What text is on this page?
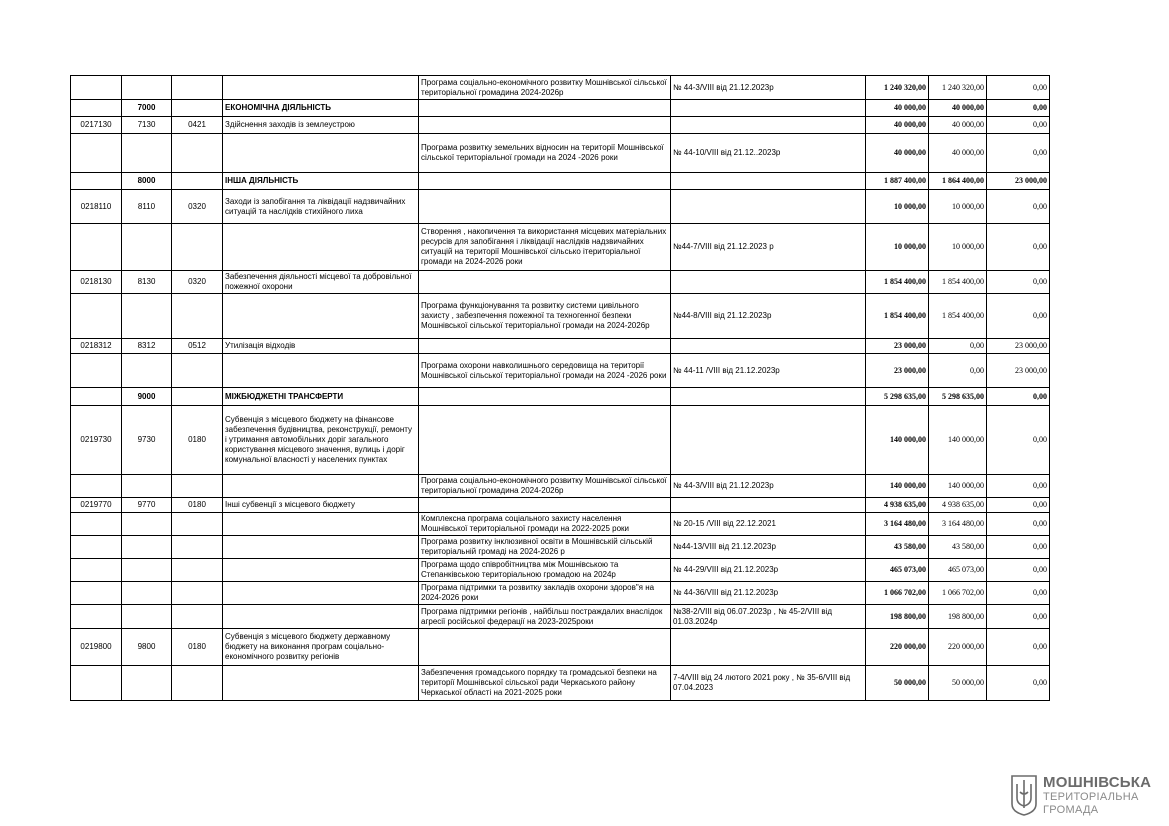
				Програма соціально-економічного розвитку Мошнівської сільської територіальної громадина 2024-2026р	№ 44-3/VIII від 21.12.2023р	1 240 320,00	1 240 320,00	0,00
	7000		ЕКОНОМІЧНА ДІЯЛЬНІСТЬ			40 000,00	40 000,00	0,00
0217130	7130	0421	Здійснення заходів із землеустрою			40 000,00	40 000,00	0,00
				Програма розвитку земельних відносин на території Мошнівської сільської територіальної громади на 2024 -2026 роки	№ 44-10/VIII від 21.12..2023р	40 000,00	40 000,00	0,00
	8000		ІНША ДІЯЛЬНІСТЬ			1 887 400,00	1 864 400,00	23 000,00
0218110	8110	0320	Заходи із запобігання та ліквідації надзвичайних ситуацій та наслідків стихійного лиха			10 000,00	10 000,00	0,00
				Створення , накопичення та використання місцевих матеріальних ресурсів для запобігання і ліквідації наслідків надзвичайних ситуацій на території Мошнівської сільсько ітериторіальної громади на 2024-2026 роки	№44-7/VIII від 21.12.2023 р	10 000,00	10 000,00	0,00
0218130	8130	0320	Забезпечення діяльності місцевої та добровільної пожежної охорони			1 854 400,00	1 854 400,00	0,00
				Програма функціонування та розвитку системи цивільного захисту , забезпечення пожежної та техногенної безпеки Мошнівської сільської територіальної громади на 2024-2026р	№44-8/VIII від 21.12.2023р	1 854 400,00	1 854 400,00	0,00
0218312	8312	0512	Утилізація відходів			23 000,00	0,00	23 000,00
				Програма охорони навколишнього середовища на території Мошнівської сільської територіальної громади на 2024 -2026 роки	№ 44-11 /VIII від 21.12.2023р	23 000,00	0,00	23 000,00
	9000		МІЖБЮДЖЕТНІ ТРАНСФЕРТИ			5 298 635,00	5 298 635,00	0,00
0219730	9730	0180	Субвенція з місцевого бюджету на фінансове забезпечення будівництва, реконструкції, ремонту і утримання автомобільних доріг загального користування місцевого значення, вулиць і доріг комунальної власності у населених пунктах			140 000,00	140 000,00	0,00
				Програма соціально-економічного розвитку Мошнівської сільської територіальної громадина 2024-2026р	№ 44-3/VIII від 21.12.2023р	140 000,00	140 000,00	0,00
0219770	9770	0180	Інші субвенції з місцевого бюджету			4 938 635,00	4 938 635,00	0,00
				Комплексна програма соціального захисту населення Мошнівської територіальної громади на 2022-2025 роки	№ 20-15 /VIII від 22.12.2021	3 164 480,00	3 164 480,00	0,00
				Програма розвитку інклюзивної освіти в Мошнівській сільській територіальній громаді на 2024-2026 р	№44-13/VIII від 21.12.2023р	43 580,00	43 580,00	0,00
				Програма щодо співробітництва між Мошнівською та Степанківською територіальною громадою на 2024р	№ 44-29/VIII від 21.12.2023р	465 073,00	465 073,00	0,00
				Програма підтримки та розвитку закладів охорони здоров"я на 2024-2026 роки	№ 44-36/VIII від 21.12.2023р	1 066 702,00	1 066 702,00	0,00
				Програма підтримки регіонів , найбільш постраждалих внаслідок агресії російської федерації на 2023-2025роки	№38-2/VIII від 06.07.2023р , № 45-2/VIII від 01.03.2024р	198 800,00	198 800,00	0,00
0219800	9800	0180	Субвенція з місцевого бюджету державному бюджету на виконання програм соціально-економічного розвитку регіонів			220 000,00	220 000,00	0,00
				Забезпечення громадського порядку та громадської безпеки на території Мошнівської сільської ради Черкаського району Черкаської області на 2021-2025 роки	7-4/VIII від 24 лютого 2021 року , № 35-6/VIII від 07.04.2023	50 000,00	50 000,00	0,00
МОШНІВСЬКА
ТЕРИТОРІАЛЬНА
ГРОМАДА
